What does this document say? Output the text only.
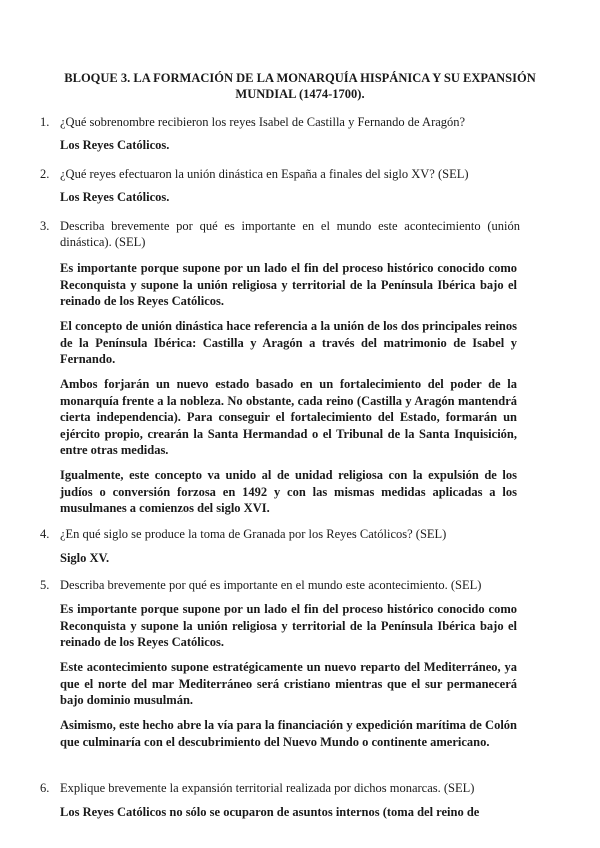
BLOQUE 3. LA FORMACIÓN DE LA MONARQUÍA HISPÁNICA Y SU EXPANSIÓN MUNDIAL (1474-1700).
1. ¿Qué sobrenombre recibieron los reyes Isabel de Castilla y Fernando de Aragón?
Los Reyes Católicos.
2. ¿Qué reyes efectuaron la unión dinástica en España a finales del siglo XV? (SEL)
Los Reyes Católicos.
3. Describa brevemente por qué es importante en el mundo este acontecimiento (unión dinástica). (SEL)
Es importante porque supone por un lado el fin del proceso histórico conocido como Reconquista y supone la unión religiosa y territorial de la Península Ibérica bajo el reinado de los Reyes Católicos.
El concepto de unión dinástica hace referencia a la unión de los dos principales reinos de la Península Ibérica: Castilla y Aragón a través del matrimonio de Isabel y Fernando.
Ambos forjarán un nuevo estado basado en un fortalecimiento del poder de la monarquía frente a la nobleza. No obstante, cada reino (Castilla y Aragón mantendrá cierta independencia). Para conseguir el fortalecimiento del Estado, formarán un ejército propio, crearán la Santa Hermandad o el Tribunal de la Santa Inquisición, entre otras medidas.
Igualmente, este concepto va unido al de unidad religiosa con la expulsión de los judíos o conversión forzosa en 1492 y con las mismas medidas aplicadas a los musulmanes a comienzos del siglo XVI.
4. ¿En qué siglo se produce la toma de Granada por los Reyes Católicos? (SEL)
Siglo XV.
5. Describa brevemente por qué es importante en el mundo este acontecimiento. (SEL)
Es importante porque supone por un lado el fin del proceso histórico conocido como Reconquista y supone la unión religiosa y territorial de la Península Ibérica bajo el reinado de los Reyes Católicos.
Este acontecimiento supone estratégicamente un nuevo reparto del Mediterráneo, ya que el norte del mar Mediterráneo será cristiano mientras que el sur permanecerá bajo dominio musulmán.
Asimismo, este hecho abre la vía para la financiación y expedición marítima de Colón que culminaría con el descubrimiento del Nuevo Mundo o continente americano.
6. Explique brevemente la expansión territorial realizada por dichos monarcas. (SEL)
Los Reyes Católicos no sólo se ocuparon de asuntos internos (toma del reino de
